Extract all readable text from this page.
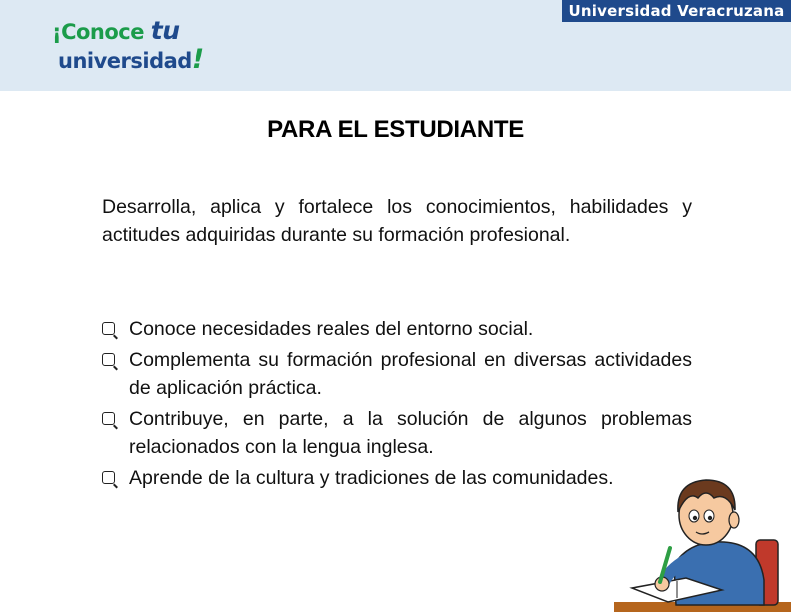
¡Conoce tu
universidad!
Universidad Veracruzana
PARA EL ESTUDIANTE
Desarrolla, aplica y fortalece los conocimientos, habilidades y actitudes adquiridas durante su formación profesional.
Conoce necesidades reales del entorno social.
Complementa su formación profesional en diversas actividades de aplicación práctica.
Contribuye, en parte, a la solución de algunos problemas relacionados con la lengua inglesa.
Aprende de la cultura y tradiciones de las comunidades.
